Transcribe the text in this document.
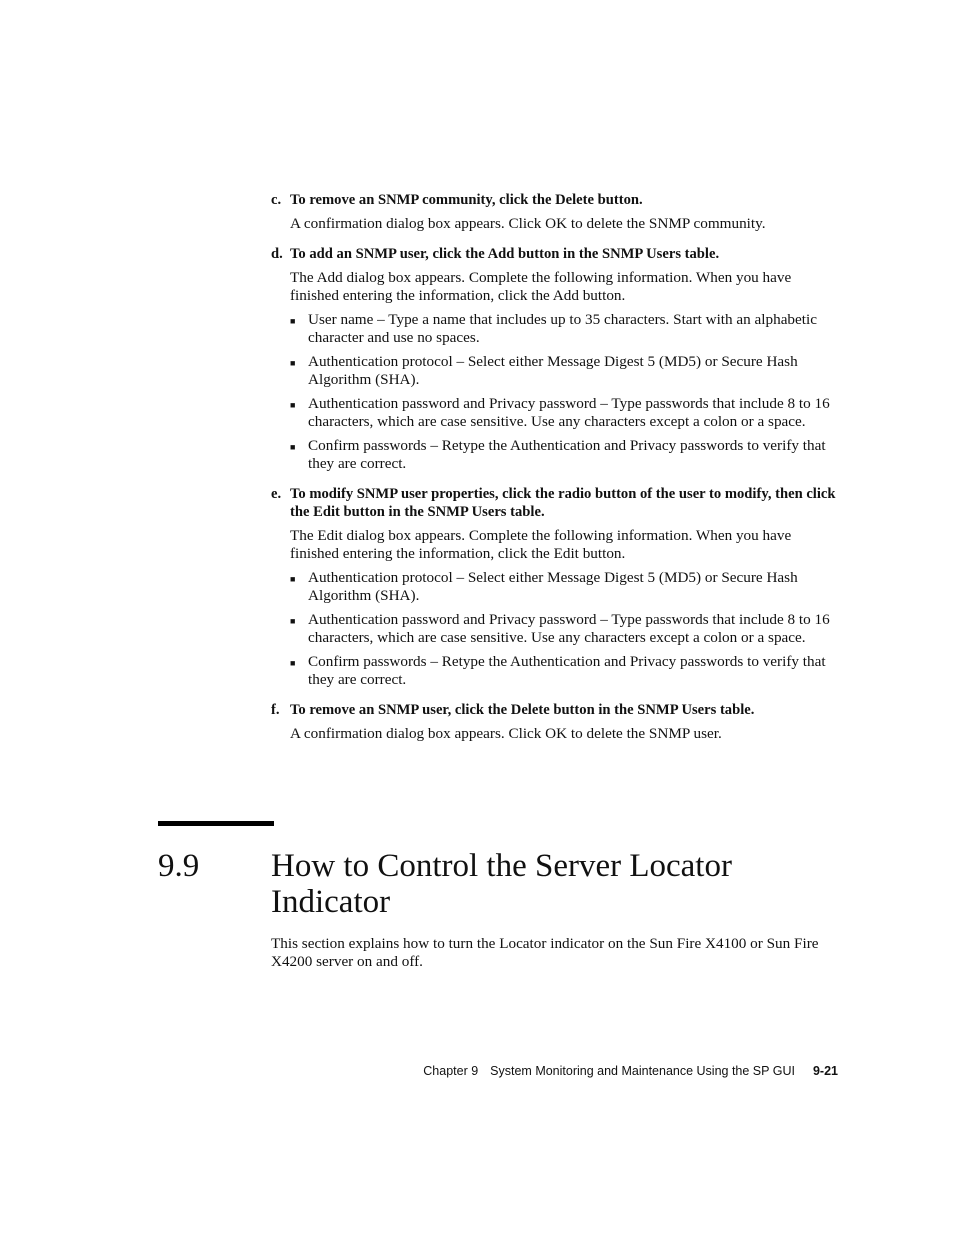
c. To remove an SNMP community, click the Delete button.

A confirmation dialog box appears. Click OK to delete the SNMP community.

d. To add an SNMP user, click the Add button in the SNMP Users table.

The Add dialog box appears. Complete the following information. When you have finished entering the information, click the Add button.

■ User name – Type a name that includes up to 35 characters. Start with an alphabetic character and use no spaces.
■ Authentication protocol – Select either Message Digest 5 (MD5) or Secure Hash Algorithm (SHA).
■ Authentication password and Privacy password – Type passwords that include 8 to 16 characters, which are case sensitive. Use any characters except a colon or a space.
■ Confirm passwords – Retype the Authentication and Privacy passwords to verify that they are correct.
e. To modify SNMP user properties, click the radio button of the user to modify, then click the Edit button in the SNMP Users table.

The Edit dialog box appears. Complete the following information. When you have finished entering the information, click the Edit button.

■ Authentication protocol – Select either Message Digest 5 (MD5) or Secure Hash Algorithm (SHA).
■ Authentication password and Privacy password – Type passwords that include 8 to 16 characters, which are case sensitive. Use any characters except a colon or a space.
■ Confirm passwords – Retype the Authentication and Privacy passwords to verify that they are correct.
f. To remove an SNMP user, click the Delete button in the SNMP Users table.

A confirmation dialog box appears. Click OK to delete the SNMP user.

9.9 How to Control the Server Locator
Indicator

This section explains how to turn the Locator indicator on the Sun Fire X4100 or Sun Fire X4200 server on and off.

Chapter 9 System Monitoring and Maintenance Using the SP GUI 9-21
